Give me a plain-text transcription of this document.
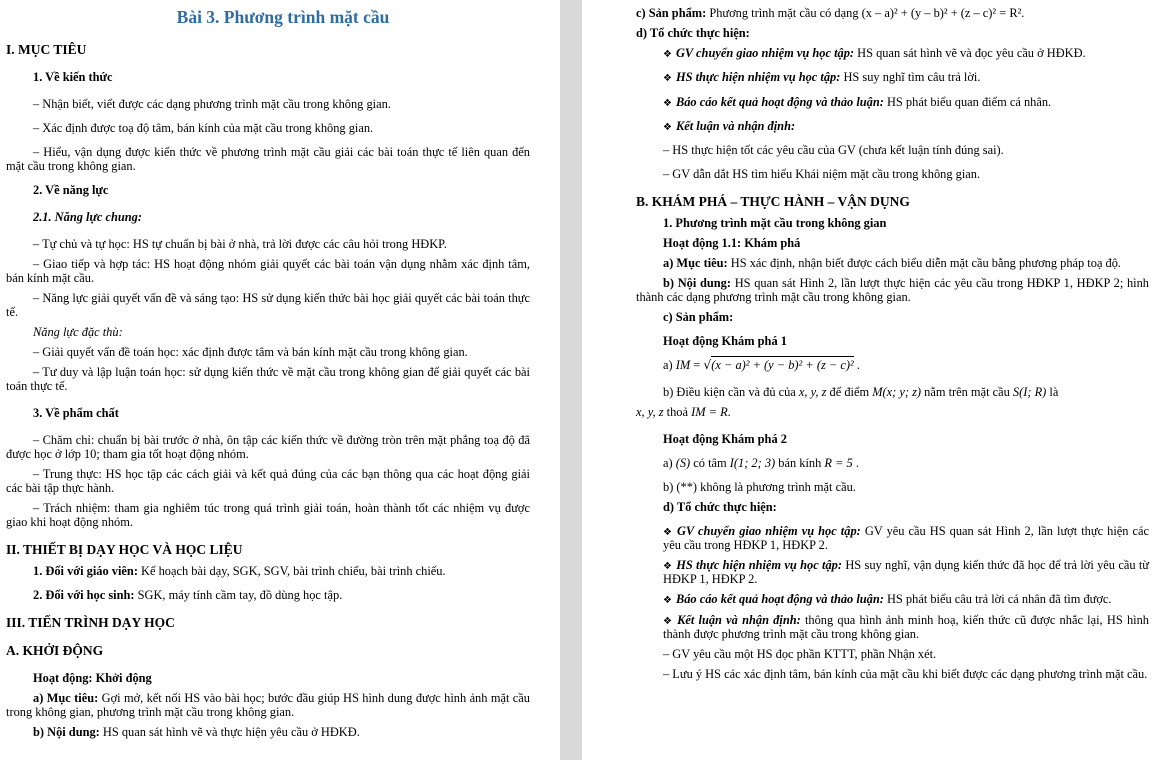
Bài 3. Phương trình mặt cầu

I. MỤC TIÊU

1. Về kiến thức

– Nhận biết, viết được các dạng phương trình mặt cầu trong không gian.

– Xác định được toạ độ tâm, bán kính của mặt cầu trong không gian.

– Hiểu, vận dụng được kiến thức về phương trình mặt cầu giải các bài toán thực tế liên quan đến mặt cầu trong không gian.

2. Về năng lực

2.1. Năng lực chung:

– Tự chủ và tự học: HS tự chuẩn bị bài ở nhà, trả lời được các câu hỏi trong HĐKP.

– Giao tiếp và hợp tác: HS hoạt động nhóm giải quyết các bài toán vận dụng nhằm xác định tâm, bán kính mặt cầu.

– Năng lực giải quyết vấn đề và sáng tạo: HS sử dụng kiến thức bài học giải quyết các bài toán thực tế.

Năng lực đặc thù:

– Giải quyết vấn đề toán học: xác định được tâm và bán kính mặt cầu trong không gian.

– Tư duy và lập luận toán học: sử dụng kiến thức về mặt cầu trong không gian để giải quyết các bài toán thực tế.

3. Về phẩm chất

– Chăm chỉ: chuẩn bị bài trước ở nhà, ôn tập các kiến thức về đường tròn trên mặt phẳng toạ độ đã được học ở lớp 10; tham gia tốt hoạt động nhóm.

– Trung thực: HS học tập các cách giải và kết quả đúng của các bạn thông qua các hoạt động giải các bài tập thực hành.

– Trách nhiệm: tham gia nghiêm túc trong quá trình giải toán, hoàn thành tốt các nhiệm vụ được giao khi hoạt động nhóm.

II. THIẾT BỊ DẠY HỌC VÀ HỌC LIỆU

1. Đối với giáo viên: Kế hoạch bài dạy, SGK, SGV, bài trình chiếu, bài trình chiếu.

2. Đối với học sinh: SGK, máy tính cầm tay, đồ dùng học tập.

III. TIẾN TRÌNH DẠY HỌC

A. KHỞI ĐỘNG

Hoạt động: Khởi động

a) Mục tiêu: Gợi mở, kết nối HS vào bài học; bước đầu giúp HS hình dung được hình ảnh mặt cầu trong không gian, phương trình mặt cầu trong không gian.

b) Nội dung: HS quan sát hình vẽ và thực hiện yêu cầu ở HĐKĐ.

c) Sản phẩm: Phương trình mặt cầu có dạng (x – a)² + (y – b)² + (z – c)² = R².

d) Tổ chức thực hiện:

❖ GV chuyển giao nhiệm vụ học tập: HS quan sát hình vẽ và đọc yêu cầu ở HĐKĐ.

❖ HS thực hiện nhiệm vụ học tập: HS suy nghĩ tìm câu trả lời.

❖ Báo cáo kết quả hoạt động và thảo luận: HS phát biểu quan điểm cá nhân.

❖ Kết luận và nhận định:

– HS thực hiện tốt các yêu cầu của GV (chưa kết luận tính đúng sai).

– GV dẫn dắt HS tìm hiểu Khái niệm mặt cầu trong không gian.

B. KHÁM PHÁ – THỰC HÀNH – VẬN DỤNG

1. Phương trình mặt cầu trong không gian

Hoạt động 1.1: Khám phá

a) Mục tiêu: HS xác định, nhận biết được cách biểu diễn mặt cầu bằng phương pháp toạ độ.

b) Nội dung: HS quan sát Hình 2, lần lượt thực hiện các yêu cầu trong HĐKP 1, HĐKP 2; hình thành các dạng phương trình mặt cầu trong không gian.

c) Sản phẩm:

Hoạt động Khám phá 1

a) IM = √(x − a)² + (y − b)² + (z − c)² .

b) Điều kiện cần và đủ của x, y, z để điểm M(x; y; z) nằm trên mặt cầu S(I; R) là

x, y, z thoả IM = R.

Hoạt động Khám phá 2

a) (S) có tâm I(1; 2; 3) bán kính R = 5 .

b) (**) không là phương trình mặt cầu.

d) Tổ chức thực hiện:

❖ GV chuyển giao nhiệm vụ học tập: GV yêu cầu HS quan sát Hình 2, lần lượt thực hiện các yêu cầu trong HĐKP 1, HĐKP 2.

❖ HS thực hiện nhiệm vụ học tập: HS suy nghĩ, vận dụng kiến thức đã học để trả lời yêu cầu từ HĐKP 1, HĐKP 2.

❖ Báo cáo kết quả hoạt động và thảo luận: HS phát biểu câu trả lời cá nhân đã tìm được.

❖ Kết luận và nhận định: thông qua hình ảnh minh hoạ, kiến thức cũ được nhắc lại, HS hình thành được phương trình mặt cầu trong không gian.

– GV yêu cầu một HS đọc phần KTTT, phần Nhận xét.

– Lưu ý HS các xác định tâm, bán kính của mặt cầu khi biết được các dạng phương trình mặt cầu.
